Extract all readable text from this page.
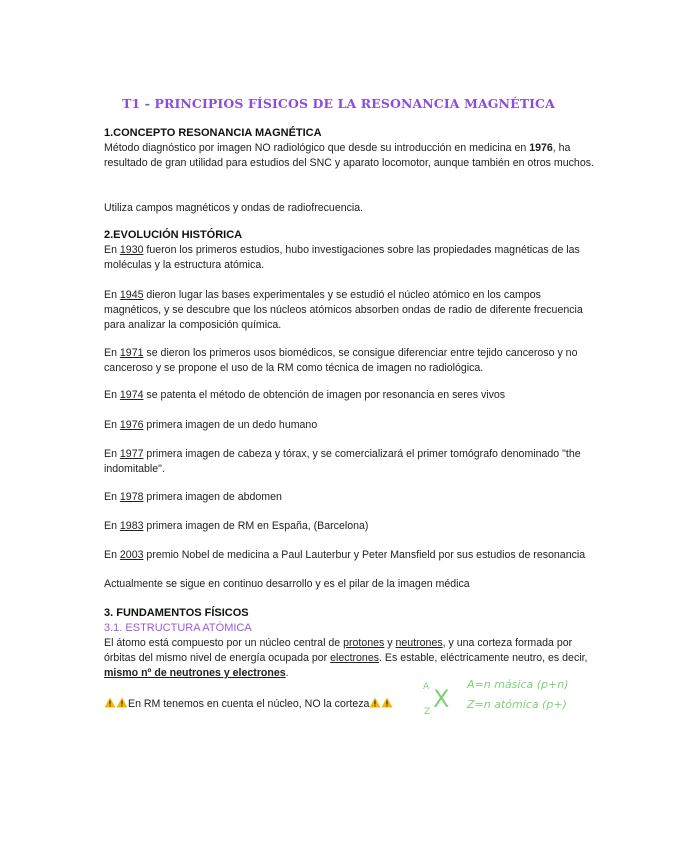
T1 - PRINCIPIOS FÍSICOS DE LA RESONANCIA MAGNÉTICA
1.CONCEPTO RESONANCIA MAGNÉTICA
Método diagnóstico por imagen NO radiológico que desde su introducción en medicina en 1976, ha resultado de gran utilidad para estudios del SNC y aparato locomotor, aunque también en otros muchos.
Utiliza campos magnéticos y ondas de radiofrecuencia.
2.EVOLUCIÓN HISTÓRICA
En 1930 fueron los primeros estudios, hubo investigaciones sobre las propiedades magnéticas de las moléculas y la estructura atómica.
En 1945 dieron lugar las bases experimentales y se estudió el núcleo atómico en los campos magnéticos, y se descubre que los núcleos atómicos absorben ondas de radio de diferente frecuencia para analizar la composición química.
En 1971 se dieron los primeros usos biomédicos, se consigue diferenciar entre tejido canceroso y no canceroso y se propone el uso de la RM como técnica de imagen no radiológica.
En 1974 se patenta el método de obtención de imagen por resonancia en seres vivos
En 1976 primera imagen de un dedo humano
En 1977 primera imagen de cabeza y tórax, y se comercializará el primer tomógrafo denominado "the indomitable".
En 1978 primera imagen de abdomen
En 1983 primera imagen de RM en España, (Barcelona)
En 2003 premio Nobel de medicina a Paul Lauterbur y Peter Mansfield por sus estudios de resonancia
Actualmente se sigue en continuo desarrollo y es el pilar de la imagen médica
3. FUNDAMENTOS FÍSICOS
3.1. ESTRUCTURA ATÓMICA
El átomo está compuesto por un núcleo central de protones y neutrones, y una corteza formada por órbitas del mismo nivel de energía ocupada por electrones. Es estable, eléctricamente neutro, es decir, mismo nº de neutrones y electrones.
En RM tenemos en cuenta el núcleo, NO la corteza
A X
Z
A=n másica (p+n)
Z=n atómica (p+)
